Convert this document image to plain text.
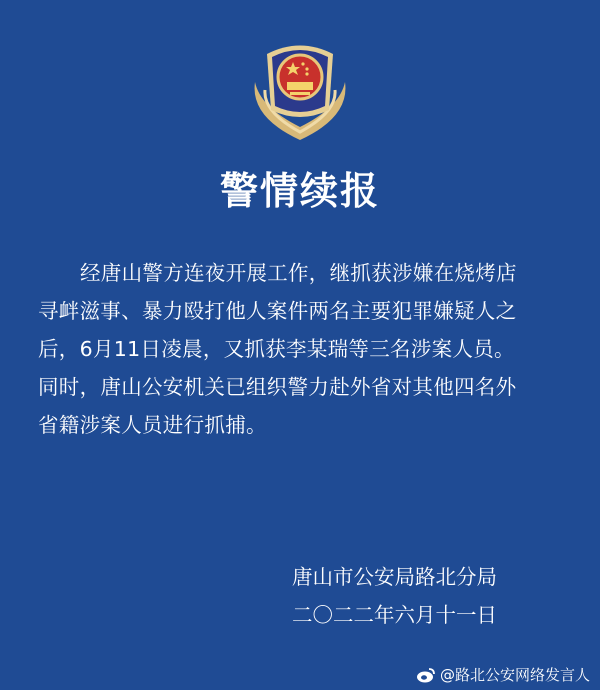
警情续报
经唐山警方连夜开展工作，继抓获涉嫌在烧烤店
寻衅滋事、暴力殴打他人案件两名主要犯罪嫌疑人之
后，6月11日凌晨，又抓获李某瑞等三名涉案人员。
同时，唐山公安机关已组织警力赴外省对其他四名外
省籍涉案人员进行抓捕。
唐山市公安局路北分局
二〇二二年六月十一日
@路北公安网络发言人
